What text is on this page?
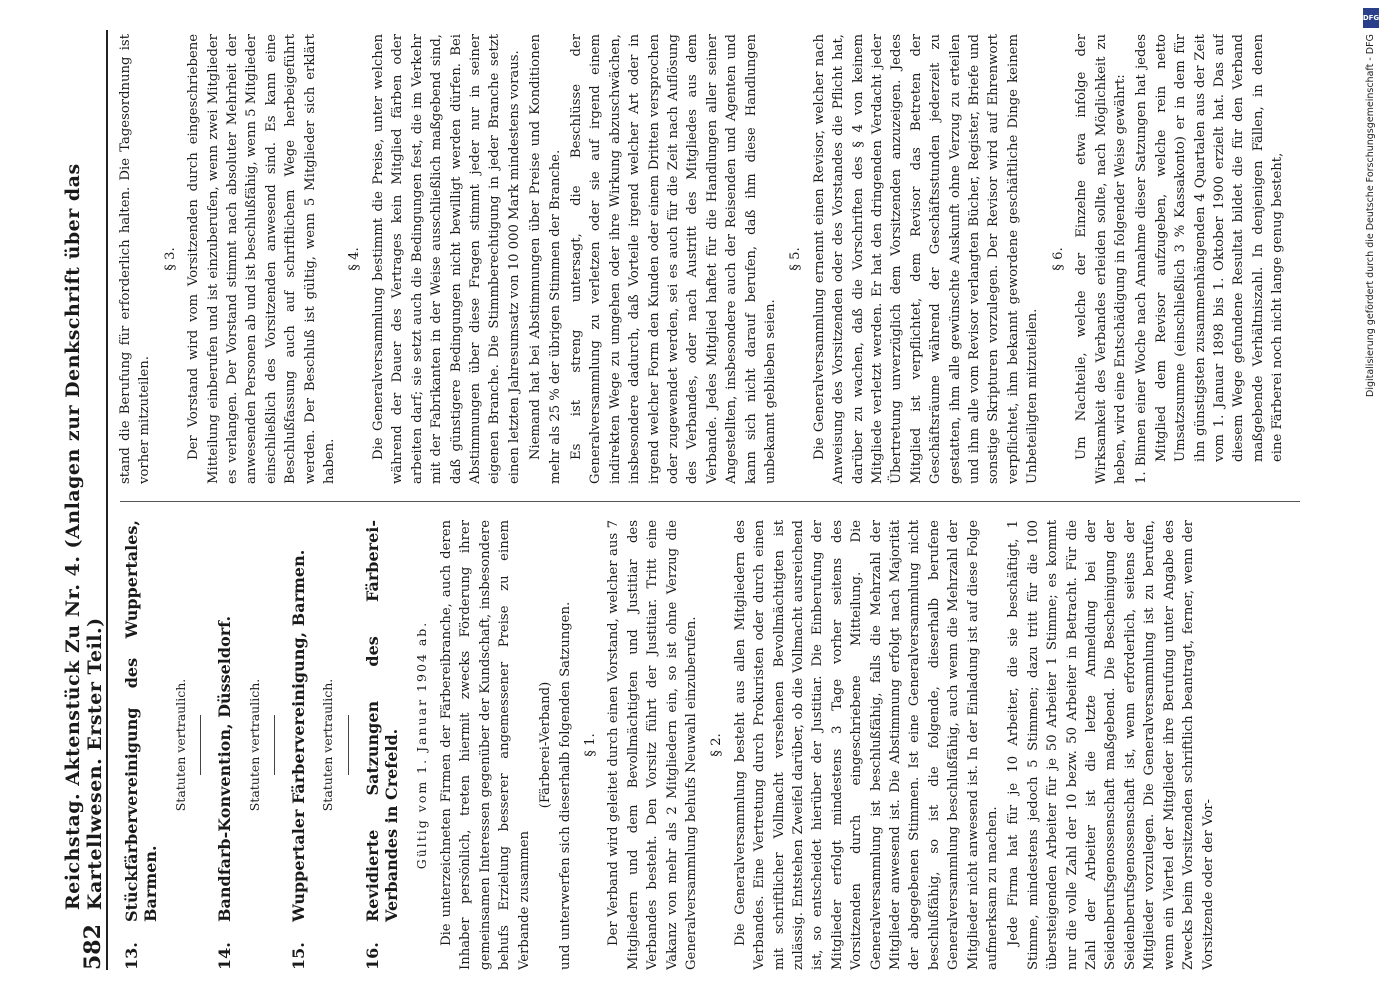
582
Reichstag. Aktenstück Zu Nr. 4. (Anlagen zur Denkschrift über das Kartellwesen. Erster Teil.)
13.
Stückfärbervereinigung des Wuppertales, Barmen.
Statuten vertraulich.
14.
Bandfarb-Konvention, Düsseldorf. Statuten vertraulich.
15.
Wuppertaler Färbervereinigung, Barmen. Statuten vertraulich.
16.
Revidierte Satzungen des Färberei-Verbandes in Crefeld. Gültig vom 1. Januar 1904 ab. Die unterzeichneten Firmen der Färbereibranche, auch deren Inhaber persönlich, treten hiermit zwecks Förderung ihrer gemeinsamen Interessen gegenüber der Kundschaft, insbesondere behufs Erzielung besserer angemessener Preise zu einem Verbande zusammen

(Färberei-Verband) und unterwerfen sich dieserhalb folgenden Satzungen. § 1. Der Verband wird geleitet durch einen Vorstand, welcher aus 7 Mitgliedern und dem Bevollmächtigten und Justitiar des Verbandes besteht. Den Vorsitz führt der Justitiar. Tritt eine Vakanz von mehr als 2 Mitgliedern ein, so ist ohne Verzug die Generalversammlung behufs Neuwahl einzuberufen. § 2. Die Generalversammlung besteht aus allen Mitgliedern des Verbandes. Eine Vertretung durch Prokuristen oder durch einen mit schriftlicher Vollmacht versehenen Bevollmächtigten ist zulässig. Entstehen Zweifel darüber, ob die Vollmacht ausreichend ist, so entscheidet hierüber der Justitiar. Die Einberufung der Mitglieder erfolgt mindestens 3 Tage vorher seitens des Vorsitzenden durch eingeschriebene Mitteilung. Die Generalversammlung ist beschlußfähig, falls die Mehrzahl der Mitglieder anwesend ist. Die Abstimmung erfolgt nach Majorität der abgegebenen Stimmen. Ist eine Generalversammlung nicht beschlußfähig, so ist die folgende, dieserhalb berufene Generalversammlung beschlußfähig, auch wenn die Mehrzahl der Mitglieder nicht anwesend ist. In der Einladung ist auf diese Folge aufmerksam zu machen. Jede Firma hat für je 10 Arbeiter, die sie beschäftigt, 1 Stimme, mindestens jedoch 5 Stimmen; dazu tritt für die 100 übersteigenden Arbeiter für je 50 Arbeiter 1 Stimme; es kommt nur die volle Zahl der 10 bezw. 50 Arbeiter in Betracht. Für die Zahl der Arbeiter ist die letzte Anmeldung bei der Seidenberufsgenossenschaft maßgebend. Die Bescheinigung der Seidenberufsgenossenschaft ist, wenn erforderlich, seitens der Mitglieder vorzulegen. Die Generalversammlung ist zu berufen, wenn ein Viertel der Mitglieder ihre Berufung unter Angabe des Zwecks beim Vorsitzenden schriftlich beantragt, ferner, wenn der Vorsitzende oder der Vor-

stand die Berufung für erforderlich halten. Die Tagesordnung ist vorher mitzuteilen.

§ 3. Der Vorstand wird vom Vorsitzenden durch eingeschriebene Mitteilung einberufen und ist einzuberufen, wenn zwei Mitglieder es verlangen. Der Vorstand stimmt nach absoluter Mehrheit der anwesenden Personen ab und ist beschlußfähig, wenn 5 Mitglieder einschließlich des Vorsitzenden anwesend sind. Es kann eine Beschlußfassung auch auf schriftlichem Wege herbeigeführt werden. Der Beschluß ist gültig, wenn 5 Mitglieder sich erklärt haben.

§ 4. Die Generalversammlung bestimmt die Preise, unter welchen während der Dauer des Vertrages kein Mitglied färben oder arbeiten darf; sie setzt auch die Bedingungen fest, die im Verkehr mit der Fabrikanten in der Weise ausschließlich maßgebend sind, daß günstigere Bedingungen nicht bewilligt werden dürfen. Bei Abstimmungen über diese Fragen stimmt jeder nur in seiner eigenen Branche. Die Stimmberechtigung in jeder Branche setzt einen letzten Jahresumsatz von 10 000 Mark mindestens voraus. Niemand hat bei Abstimmungen über Preise und Konditionen mehr als 25 % der übrigen Stimmen der Branche. Es ist streng untersagt, die Beschlüsse der Generalversammlung zu verletzen oder sie auf irgend einem indirekten Wege zu umgehen oder ihre Wirkung abzuschwächen, insbesondere dadurch, daß Vorteile irgend welcher Art oder in irgend welcher Form den Kunden oder einem Dritten versprochen oder zugewendet werden, sei es auch für die Zeit nach Auflösung des Verbandes, oder nach Austritt des Mitgliedes aus dem Verbande. Jedes Mitglied haftet für die Handlungen aller seiner Angestellten, insbesondere auch der Reisenden und Agenten und kann sich nicht darauf berufen, daß ihm diese Handlungen unbekannt geblieben seien.

§ 5. Die Generalversammlung ernennt einen Revisor, welcher nach Anweisung des Vorsitzenden oder des Vorstandes die Pflicht hat, darüber zu wachen, daß die Vorschriften des § 4 von keinem Mitgliede verletzt werden. Er hat den dringenden Verdacht jeder Übertretung unverzüglich dem Vorsitzenden anzuzeigen. Jedes Mitglied ist verpflichtet, dem Revisor das Betreten der Geschäftsräume während der Geschäftsstunden jederzeit zu gestatten, ihm alle gewünschte Auskunft ohne Verzug zu erteilen und ihm alle vom Revisor verlangten Bücher, Register, Briefe und sonstige Skripturen vorzulegen. Der Revisor wird auf Ehrenwort verpflichtet, ihm bekannt gewordene geschäftliche Dinge keinem Unbeteiligten mitzuteilen.

§ 6. Um Nachteile, welche der Einzelne etwa infolge der Wirksamkeit des Verbandes erleiden sollte, nach Möglichkeit zu heben, wird eine Entschädigung in folgender Weise gewährt: 1. Binnen einer Woche nach Annahme dieser Satzungen hat jedes Mitglied dem Revisor aufzugeben, welche rein netto Umsatzsumme (einschließlich 3 % Kassakonto) er in dem für ihn günstigsten zusammenhängenden 4 Quartalen aus der Zeit vom 1. Januar 1898 bis 1. Oktober 1900 erzielt hat. Das auf diesem Wege gefundene Resultat bildet die für den Verband maßgebende Verhältniszahl. In denjenigen Fällen, in denen eine Färberei noch nicht lange genug besteht,

DFG
Digitalisierung gefördert durch die Deutsche Forschungsgemeinschaft - DFG
